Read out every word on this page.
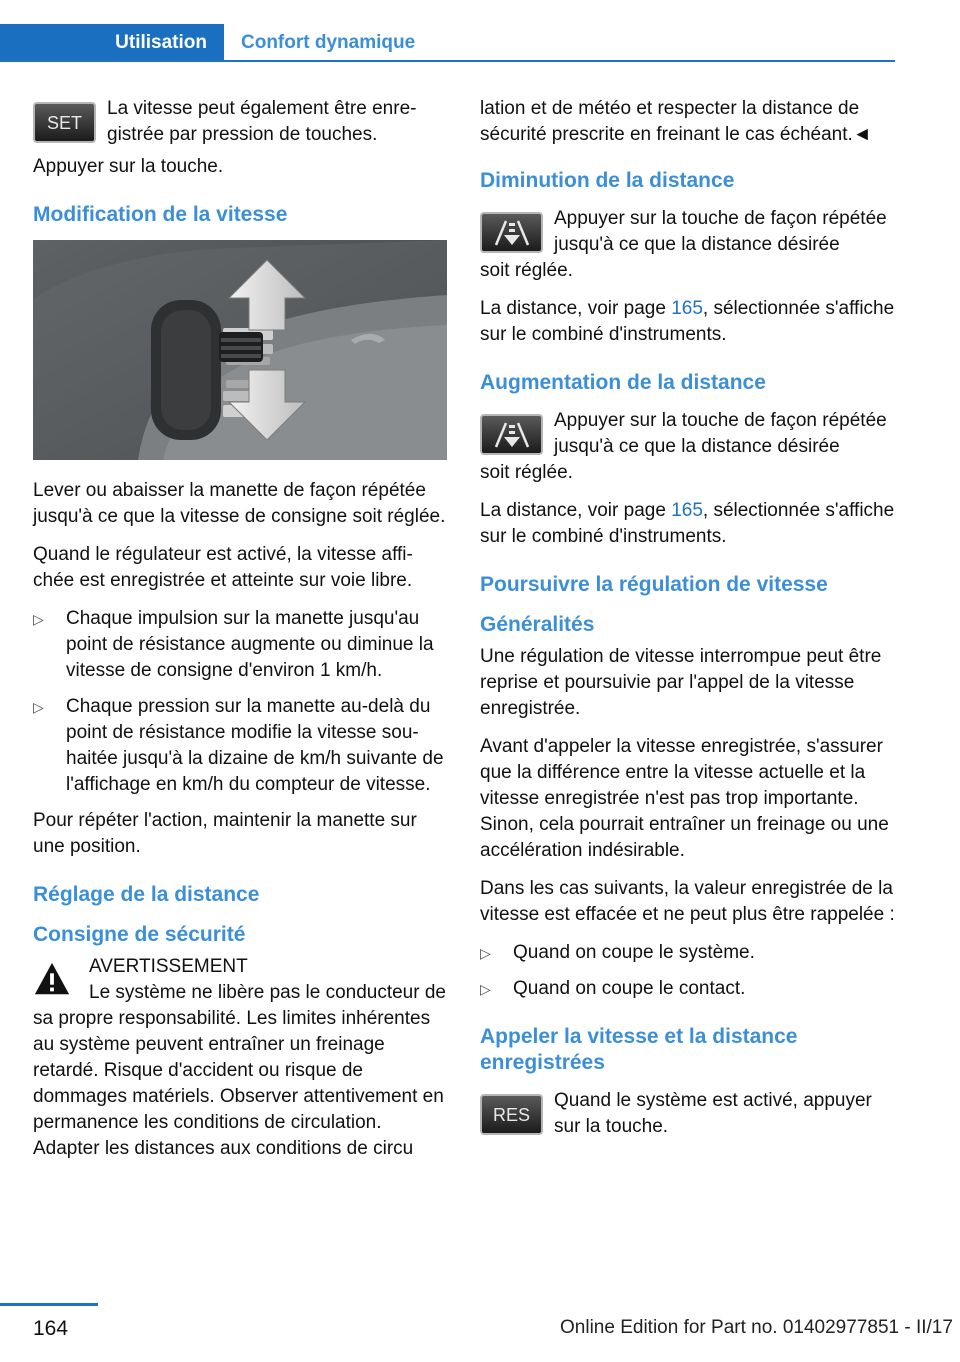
Utilisation	Confort dynamique
SET
La vitesse peut également être enregistrée par pression de touches.

Appuyer sur la touche.

Modification de la vitesse

Lever ou abaisser la manette de façon répétée jusqu'à ce que la vitesse de consigne soit réglée.

Quand le régulateur est activé, la vitesse affichée est enregistrée et atteinte sur voie libre.

▷ Chaque impulsion sur la manette jusqu'au point de résistance augmente ou diminue la vitesse de consigne d'environ 1 km/h.
▷ Chaque pression sur la manette au-delà du point de résistance modifie la vitesse souhaitée jusqu'à la dizaine de km/h suivante de l'affichage en km/h du compteur de vitesse.

Pour répéter l'action, maintenir la manette sur une position.

Réglage de la distance
Consigne de sécurité
AVERTISSEMENT
Le système ne libère pas le conducteur de sa propre responsabilité. Les limites inhérentes au système peuvent entraîner un freinage retardé. Risque d'accident ou risque de dommages matériels. Observer attentivement en permanence les conditions de circulation. Adapter les distances aux conditions de circu

lation et de météo et respecter la distance de sécurité prescrite en freinant le cas échéant.◄

Diminution de la distance
Appuyer sur la touche de façon répétée jusqu'à ce que la distance désirée

soit réglée.

La distance, voir page 165, sélectionnée s'affiche sur le combiné d'instruments.

Augmentation de la distance
Appuyer sur la touche de façon répétée jusqu'à ce que la distance désirée

soit réglée.

La distance, voir page 165, sélectionnée s'affiche sur le combiné d'instruments.

Poursuivre la régulation de vitesse
Généralités

Une régulation de vitesse interrompue peut être reprise et poursuivie par l'appel de la vitesse enregistrée.

Avant d'appeler la vitesse enregistrée, s'assurer que la différence entre la vitesse actuelle et la vitesse enregistrée n'est pas trop importante. Sinon, cela pourrait entraîner un freinage ou une accélération indésirable.

Dans les cas suivants, la valeur enregistrée de la vitesse est effacée et ne peut plus être rappelée :

▷ Quand on coupe le système.
▷ Quand on coupe le contact.
Appeler la vitesse et la distance enregistrées
RES
Quand le système est activé, appuyer sur la touche.
164	Online Edition for Part no. 01402977851 - II/17
